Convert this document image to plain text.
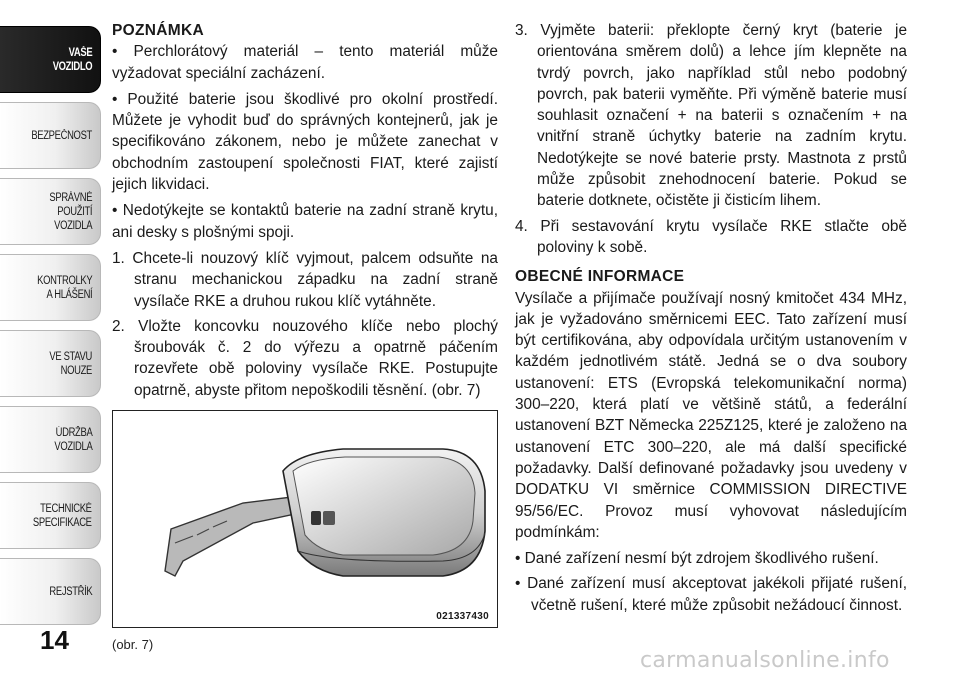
VAŠE
VOZIDLO
BEZPEČNOST
SPRÁVNÉ
POUŽITÍ
VOZIDLA
KONTROLKY
A HLÁŠENÍ
VE STAVU
NOUZE
ÚDRŽBA
VOZIDLA
TECHNICKÉ
SPECIFIKACE
REJSTŘÍK
POZNÁMKA

• Perchlorátový materiál – tento materiál může vyžadovat speciální zacházení.

• Použité baterie jsou škodlivé pro okolní prostředí. Můžete je vyhodit buď do správných kontejnerů, jak je specifikováno zákonem, nebo je můžete zanechat v obchodním zastoupení společnosti FIAT, které zajistí jejich likvidaci.

• Nedotýkejte se kontaktů baterie na zadní straně krytu, ani desky s plošnými spoji.

1. Chcete-li nouzový klíč vyjmout, palcem odsuňte na stranu mechanickou západku na zadní straně vysílače RKE a druhou rukou klíč vytáhněte.
2. Vložte koncovku nouzového klíče nebo plochý šroubovák č. 2 do výřezu a opatrně páčením rozevřete obě poloviny vysílače RKE. Postupujte opatrně, abyste přitom nepoškodili těsnění. (obr. 7)
021337430
3. Vyjměte baterii: překlopte černý kryt (baterie je orientována směrem dolů) a lehce jím klepněte na tvrdý povrch, jako například stůl nebo podobný povrch, pak baterii vyměňte. Při výměně baterie musí souhlasit označení + na baterii s označením + na vnitřní straně úchytky baterie na zadním krytu. Nedotýkejte se nové baterie prsty. Mastnota z prstů může způsobit znehodnocení baterie. Pokud se baterie dotknete, očistěte ji čisticím lihem.
4. Při sestavování krytu vysílače RKE stlačte obě poloviny k sobě.
OBECNÉ INFORMACE

Vysílače a přijímače používají nosný kmitočet 434 MHz, jak je vyžadováno směrnicemi EEC. Tato zařízení musí být certifikována, aby odpovídala určitým ustanovením v každém jednotlivém státě. Jedná se o dva soubory ustanovení: ETS (Evropská telekomunikační norma) 300–220, která platí ve většině států, a federální ustanovení BZT Německa 225Z125, které je založeno na ustanovení ETC 300–220, ale má další specifické požadavky. Další definované požadavky jsou uvedeny v DODATKU VI směrnice COMMISSION DIRECTIVE 95/56/EC. Provoz musí vyhovovat následujícím podmínkám:

• Dané zařízení nesmí být zdrojem škodlivého rušení.
• Dané zařízení musí akceptovat jakékoli přijaté rušení, včetně rušení, které může způsobit nežádoucí činnost.
14	(obr. 7)
carmanualsonline.info
